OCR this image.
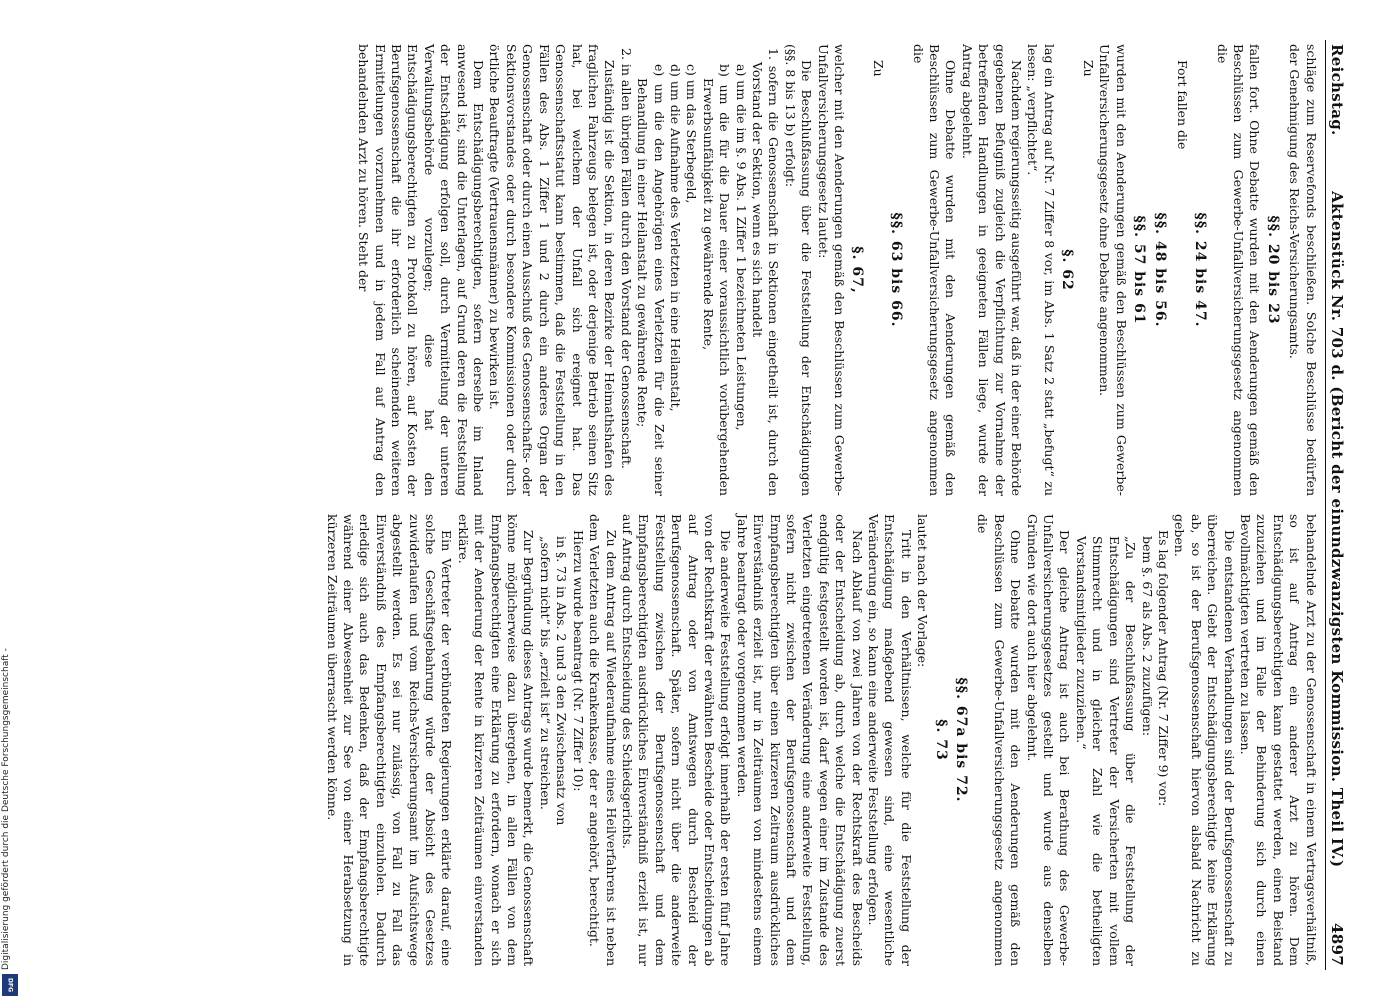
Digitalisierung gefördert durch die Deutsche Forschungsgemeinschaft -
DFG
Reichstag.
Aktenstück Nr. 703 d. (Bericht der einundzwanzigsten Kommission. Theil IV.)
4897

schläge zum Reservefonds beschließen. Solche Beschlüsse bedürfen der Genehmigung des Reichs-Versicherungsamts.

§§. 20 bis 23

fallen fort. Ohne Debatte wurden mit den Aenderungen gemäß den Beschlüssen zum Gewerbe-Unfallversicherungsgesetz angenommen die

§§. 24 bis 47.

Fort fallen die

§§. 48 bis 56.
§§. 57 bis 61

wurden mit den Aenderungen gemäß den Beschlüssen zum Gewerbe-Unfallversicherungsgesetz ohne Debatte angenommen.

Zu

§. 62

lag ein Antrag auf Nr. 7 Ziffer 8 vor, im Abs. 1 Satz 2 statt „befugt“ zu lesen: „verpflichtet“.

Nachdem regierungsseitig ausgeführt war, daß in der einer Behörde gegebenen Befugniß zugleich die Verpflichtung zur Vornahme der betreffenden Handlungen in geeigneten Fällen liege, wurde der Antrag abgelehnt.

Ohne Debatte wurden mit den Aenderungen gemäß den Beschlüssen zum Gewerbe-Unfallversicherungsgesetz angenommen die

§§. 63 bis 66.

Zu

§. 67,

welcher mit den Aenderungen gemäß den Beschlüssen zum Gewerbe-Unfallversicherungsgesetz lautet:

Die Beschlußfassung über die Feststellung der Entschädigungen (§§. 8 bis 13 b) erfolgt:

1. sofern die Genossenschaft in Sektionen eingetheilt ist, durch den Vorstand der Sektion, wenn es sich handelt

a) um die im §. 9 Abs. 1 Ziffer 1 bezeichneten Leistungen,

b) um die für die Dauer einer voraussichtlich vorübergehenden Erwerbsunfähigkeit zu gewährende Rente,

c) um das Sterbegeld,

d) um die Aufnahme des Verletzten in eine Heilanstalt,

e) um die den Angehörigen eines Verletzten für die Zeit seiner Behandlung in einer Heilanstalt zu gewährende Rente;

2. in allen übrigen Fällen durch den Vorstand der Genossenschaft.

Zuständig ist die Sektion, in deren Bezirke der Heimathshafen des fraglichen Fahrzeugs belegen ist, oder derjenige Betrieb seinen Sitz hat, bei welchem der Unfall sich ereignet hat. Das Genossenschaftsstatut kann bestimmen, daß die Feststellung in den Fällen des Abs. 1 Ziffer 1 und 2 durch ein anderes Organ der Genossenschaft oder durch einen Ausschuß des Genossenschafts- oder Sektionsvorstandes oder durch besondere Kommissionen oder durch örtliche Beauftragte (Vertrauensmänner) zu bewirken ist.

Dem Entschädigungsberechtigten, sofern derselbe im Inland anwesend ist, sind die Unterlagen, auf Grund deren die Feststellung der Entschädigung erfolgen soll, durch Vermittelung der unteren Verwaltungsbehörde vorzulegen; diese hat den Entschädigungsberechtigten zu Protokoll zu hören, auf Kosten der Berufsgenossenschaft die ihr erforderlich scheinenden weiteren Ermittelungen vorzunehmen und in jedem Fall auf Antrag den behandelnden Arzt zu hören. Steht der

behandelnde Arzt zu der Genossenschaft in einem Vertragsverhältniß, so ist auf Antrag ein anderer Arzt zu hören. Dem Entschädigungsberechtigten kann gestattet werden, einen Beistand zuzuziehen und im Falle der Behinderung sich durch einen Bevollmächtigten vertreten zu lassen.

Die entstandenen Verhandlungen sind der Berufsgenossenschaft zu überreichen. Giebt der Entschädigungsberechtigte keine Erklärung ab, so ist der Berufsgenossenschaft hiervon alsbald Nachricht zu geben.

Es lag folgender Antrag (Nr. 7 Ziffer 9) vor:

bem §. 67 als Abs. 2 zuzufügen:

„Zu der Beschlußfassung über die Feststellung der Entschädigungen sind Vertreter der Versicherten mit vollem Stimmrecht und in gleicher Zahl wie die betheiligten Vorstandsmitglieder zuzuziehen.“

Der gleiche Antrag ist auch bei Berathung des Gewerbe-Unfallversicherungsgesetzes gestellt und wurde aus denselben Gründen wie dort auch hier abgelehnt.

Ohne Debatte wurden mit den Aenderungen gemäß den Beschlüssen zum Gewerbe-Unfallversicherungsgesetz angenommen die

§§. 67a bis 72.
§. 73

lautet nach der Vorlage:

Tritt in den Verhältnissen, welche für die Feststellung der Entschädigung maßgebend gewesen sind, eine wesentliche Veränderung ein, so kann eine anderweite Feststellung erfolgen.

Nach Ablauf von zwei Jahren von der Rechtskraft des Bescheids oder der Entscheidung ab, durch welche die Entschädigung zuerst endgültig festgestellt worden ist, darf wegen einer im Zustande des Verletzten eingetretenen Veränderung eine anderweite Feststellung, sofern nicht zwischen der Berufsgenossenschaft und dem Empfangsberechtigten über einen kürzeren Zeitraum ausdrückliches Einverständniß erzielt ist, nur in Zeiträumen von mindestens einem Jahre beantragt oder vorgenommen werden.

Die anderweite Feststellung erfolgt innerhalb der ersten fünf Jahre von der Rechtskraft der erwähnten Bescheide oder Entscheidungen ab auf Antrag oder von Amtswegen durch Bescheid der Berufsgenossenschaft. Später, sofern nicht über die anderweite Feststellung zwischen der Berufsgenossenschaft und dem Empfangsberechtigten ausdrückliches Einverständniß erzielt ist, nur auf Antrag durch Entscheidung des Schiedsgerichts.

Zu dem Antrag auf Wiederaufnahme eines Heilverfahrens ist neben dem Verletzten auch die Krankenkasse, der er angehört, berechtigt.

Hierzu wurde beantragt (Nr. 7 Ziffer 10):

in §. 73 in Abs. 2 und 3 den Zwischensatz von

„sofern nicht“ bis „erzielt ist“ zu streichen.

Zur Begründung dieses Antrags wurde bemerkt, die Genossenschaft könne möglicherweise dazu übergehen, in allen Fällen von dem Empfangsberechtigten eine Erklärung zu erfordern, wonach er sich mit der Aenderung der Rente in kürzeren Zeiträumen einverstanden erkläre.

Ein Vertreter der verbündeten Regierungen erklärte darauf, eine solche Geschäftsgebahrung würde der Absicht des Gesetzes zuwiderlaufen und vom Reichs-Versicherungsamt im Aufsichtswege abgestellt werden. Es sei nur zulässig, von Fall zu Fall das Einverständniß des Empfangsberechtigten einzuholen. Dadurch erledige sich auch das Bedenken, daß der Empfangsberechtigte während einer Abwesenheit zur See von einer Herabsetzung in kürzeren Zeiträumen überrascht werden könne.
